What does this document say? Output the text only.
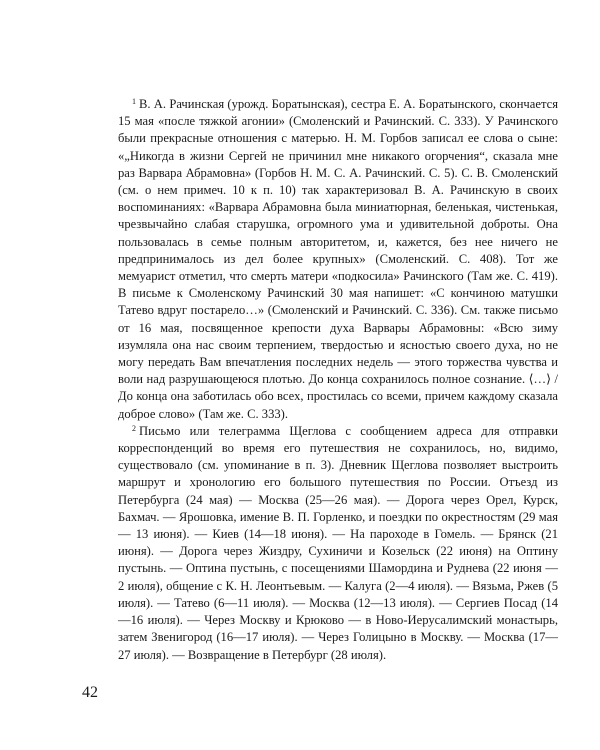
$^1$ В. А. Рачинская (урожд. Боратынская), сестра Е. А. Боратынского, скончается 15 мая «после тяжкой агонии» (Смоленский и Рачинский. С. 333). У Рачинского были прекрасные отношения с матерью. Н. М. Горбов записал ее слова о сыне: «„Никогда в жизни Сергей не причинил мне никакого огорчения“, сказала мне раз Варвара Абрамовна» (Горбов Н. М. С. А. Рачинский. С. 5). С. В. Смоленский (см. о нем примеч. 10 к п. 10) так характеризовал В. А. Рачинскую в своих воспоминаниях: «Варвара Абрамовна была миниатюрная, беленькая, чистенькая, чрезвычайно слабая старушка, огромного ума и удивительной доброты. Она пользовалась в семье полным авторитетом, и, кажется, без нее ничего не предпринималось из дел более крупных» (Смоленский. С. 408). Тот же мемуарист отметил, что смерть матери «подкосила» Рачинского (Там же. С. 419). В письме к Смоленскому Рачинский 30 мая напишет: «С кончиною матушки Татево вдруг постарело…» (Смоленский и Рачинский. С. 336). См. также письмо от 16 мая, посвященное крепости духа Варвары Абрамовны: «Всю зиму изумляла она нас своим терпением, твердостью и ясностью своего духа, но не могу передать Вам впечатления последних недель — этого торжества чувства и воли над разрушающеюся плотью. До конца сохранилось полное сознание. ⟨…⟩ / До конца она заботилась обо всех, простилась со всеми, причем каждому сказала доброе слово» (Там же. С. 333).

$^2$ Письмо или телеграмма Щеглова с сообщением адреса для отправки корреспонденций во время его путешествия не сохранилось, но, видимо, существовало (см. упоминание в п. 3). Дневник Щеглова позволяет выстроить маршрут и хронологию его большого путешествия по России. Отъезд из Петербурга (24 мая) — Москва (25—26 мая). — Дорога через Орел, Курск, Бахмач. — Ярошовка, имение В. П. Горленко, и поездки по окрестностям (29 мая — 13 июня). — Киев (14—18 июня). — На пароходе в Гомель. — Брянск (21 июня). — Дорога через Жиздру, Сухиничи и Козельск (22 июня) на Оптину пустынь. — Оптина пустынь, с посещениями Шамордина и Руднева (22 июня — 2 июля), общение с К. Н. Леонтьевым. — Калуга (2—4 июля). — Вязьма, Ржев (5 июля). — Татево (6—11 июля). — Москва (12—13 июля). — Сергиев Посад (14—16 июля). — Через Москву и Крюково — в Ново-Иерусалимский монастырь, затем Звенигород (16—17 июля). — Через Голицыно в Москву. — Москва (17—27 июля). — Возвращение в Петербург (28 июля).

42
